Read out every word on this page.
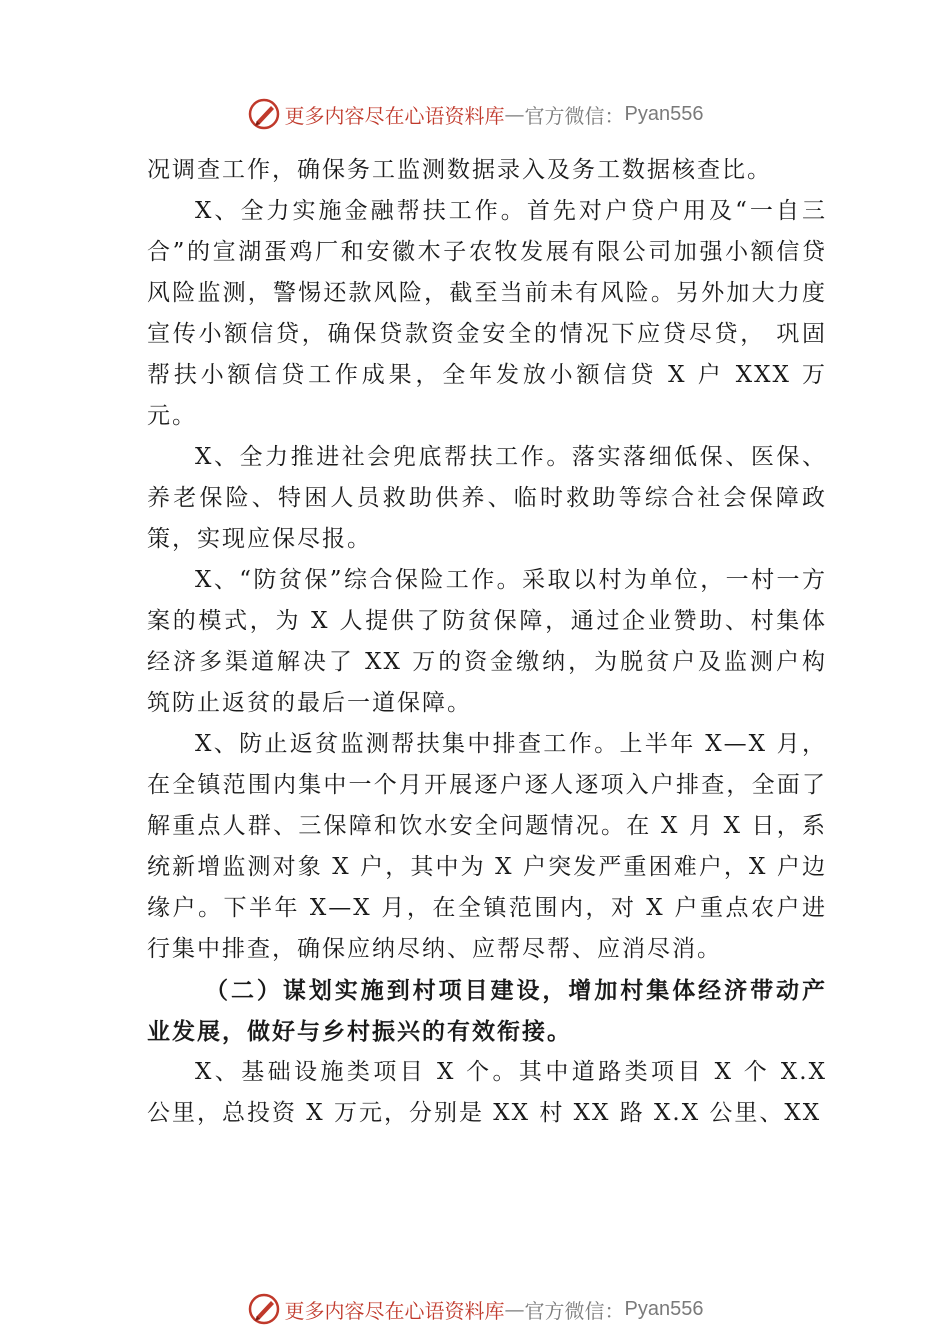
更多内容尽在心语资料库 — 官方微信： Pyan556

况调查工作，确保务工监测数据录入及务工数据核查比。

X、全力实施金融帮扶工作。首先对户贷户用及“一自三合”的宣湖蛋鸡厂和安徽木子农牧发展有限公司加强小额信贷风险监测，警惕还款风险，截至当前未有风险。另外加大力度宣传小额信贷，确保贷款资金安全的情况下应贷尽贷， 巩固帮扶小额信贷工作成果，全年发放小额信贷 X 户 XXX 万元。

X、全力推进社会兜底帮扶工作。落实落细低保、医保、养老保险、特困人员救助供养、临时救助等综合社会保障政策，实现应保尽报。

X、“防贫保”综合保险工作。采取以村为单位，一村一方案的模式，为 X 人提供了防贫保障，通过企业赞助、村集体经济多渠道解决了 XX 万的资金缴纳，为脱贫户及监测户构筑防止返贫的最后一道保障。

X、防止返贫监测帮扶集中排查工作。上半年 X—X 月，在全镇范围内集中一个月开展逐户逐人逐项入户排查，全面了解重点人群、三保障和饮水安全问题情况。在 X 月 X 日，系统新增监测对象 X 户，其中为 X 户突发严重困难户，X 户边缘户。下半年 X—X 月，在全镇范围内，对 X 户重点农户进行集中排查，确保应纳尽纳、应帮尽帮、应消尽消。

（二）谋划实施到村项目建设，增加村集体经济带动产业发展，做好与乡村振兴的有效衔接。

X、基础设施类项目 X 个。其中道路类项目 X 个 X.X 公里，总投资 X 万元，分别是 XX 村 XX 路 X.X 公里、XX

更多内容尽在心语资料库 — 官方微信： Pyan556
